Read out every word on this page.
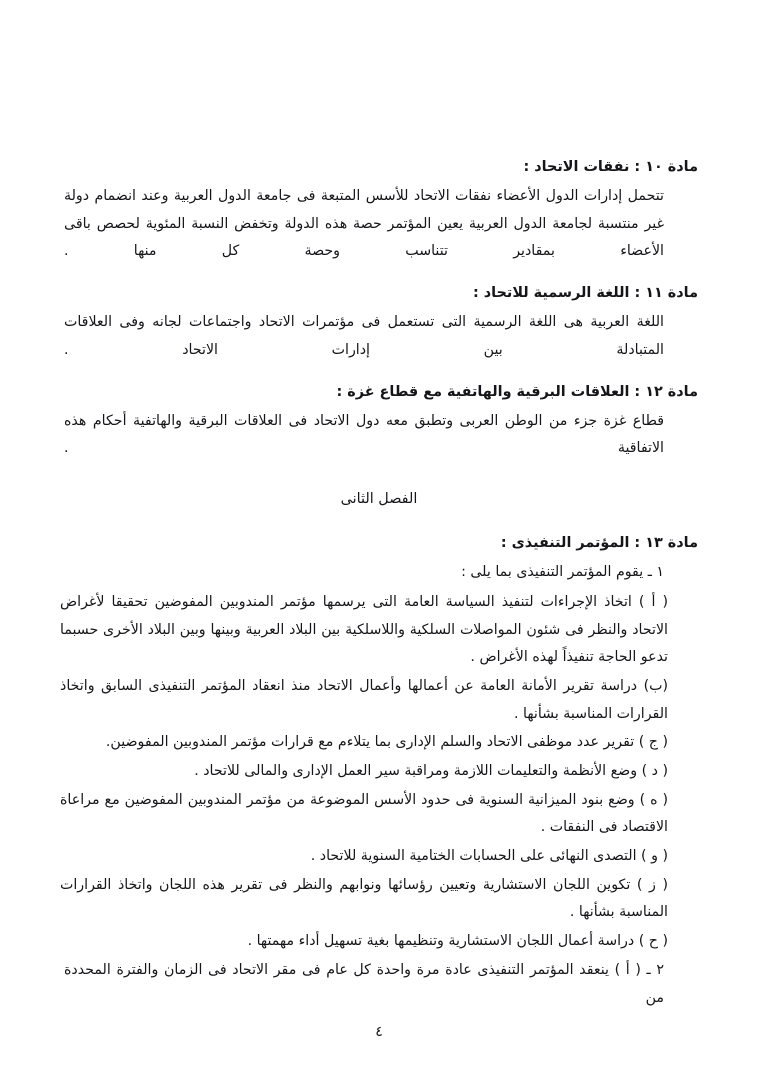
مادة ١٠ : نفقات الاتحاد :

تتحمل إدارات الدول الأعضاء نفقات الاتحاد للأسس المتبعة فى جامعة الدول العربية وعند انضمام دولة غير منتسبة لجامعة الدول العربية يعين المؤتمر حصة هذه الدولة وتخفض النسبة المئوية لحصص باقى الأعضاء بمقادير تتناسب وحصة كل منها .

مادة ١١ : اللغة الرسمية للاتحاد :

اللغة العربية هى اللغة الرسمية التى تستعمل فى مؤتمرات الاتحاد واجتماعات لجانه وفى العلاقات المتبادلة بين إدارات الاتحاد .

مادة ١٢ : العلاقات البرقية والهاتفية مع قطاع غزة :

قطاع غزة جزء من الوطن العربى وتطبق معه دول الاتحاد فى العلاقات البرقية والهاتفية أحكام هذه الاتفاقية .

الفصل الثانى
مادة ١٣ : المؤتمر التنفيذى :

١ ـ يقوم المؤتمر التنفيذى بما يلى :

( أ ) اتخاذ الإجراءات لتنفيذ السياسة العامة التى يرسمها مؤتمر المندوبين المفوضين تحقيقا لأغراض الاتحاد والنظر فى شئون المواصلات السلكية واللاسلكية بين البلاد العربية وبينها وبين البلاد الأخرى حسبما تدعو الحاجة تنفيذاً لهذه الأغراض .

(ب) دراسة تقرير الأمانة العامة عن أعمالها وأعمال الاتحاد منذ انعقاد المؤتمر التنفيذى السابق واتخاذ القرارات المناسبة بشأنها .

( ج ) تقرير عدد موظفى الاتحاد والسلم الإدارى بما يتلاءم مع قرارات مؤتمر المندوبين المفوضين.

( د ) وضع الأنظمة والتعليمات اللازمة ومراقبة سير العمل الإدارى والمالى للاتحاد .

( ه ) وضع بنود الميزانية السنوية فى حدود الأسس الموضوعة من مؤتمر المندوبين المفوضين مع مراعاة الاقتصاد فى النفقات .

( و ) التصدى النهائى على الحسابات الختامية السنوية للاتحاد .

( ز ) تكوين اللجان الاستشارية وتعيين رؤسائها ونوابهم والنظر فى تقرير هذه اللجان واتخاذ القرارات المناسبة بشأنها .

( ح ) دراسة أعمال اللجان الاستشارية وتنظيمها بغية تسهيل أداء مهمتها .

٢ ـ ( أ ) ينعقد المؤتمر التنفيذى عادة مرة واحدة كل عام فى مقر الاتحاد فى الزمان والفترة المحددة من

٤
